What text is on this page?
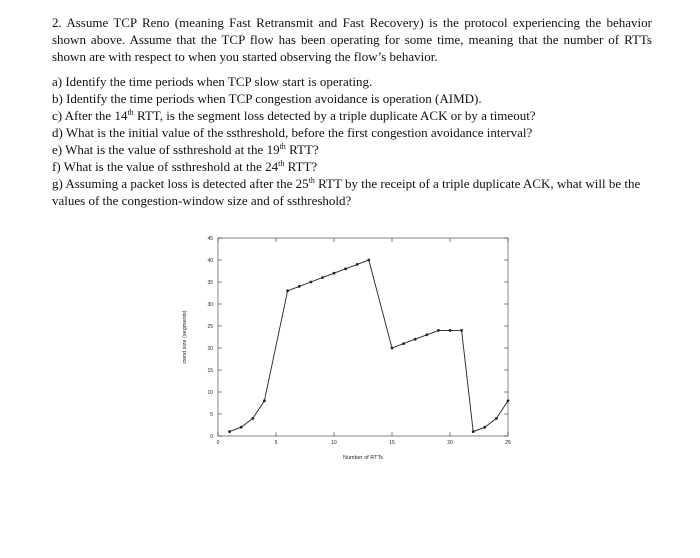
2. Assume TCP Reno (meaning Fast Retransmit and Fast Recovery) is the protocol experiencing the behavior shown above. Assume that the TCP flow has been operating for some time, meaning that the number of RTTs shown are with respect to when you started observing the flow’s behavior.

a) Identify the time periods when TCP slow start is operating.
b) Identify the time periods when TCP congestion avoidance is operation (AIMD).
c) After the 14th RTT, is the segment loss detected by a triple duplicate ACK or by a timeout?
d) What is the initial value of the ssthreshold, before the first congestion avoidance interval?
e) What is the value of ssthreshold at the 19th RTT?
f) What is the value of ssthreshold at the 24th RTT?
g) Assuming a packet loss is detected after the 25th RTT by the receipt of a triple duplicate ACK, what will be the values of the congestion-window size and of ssthreshold?
0
5
10
15
20
25
30
35
40
45
0	5	10	15	20	25
Number of RTTs
cwnd size (segments)
